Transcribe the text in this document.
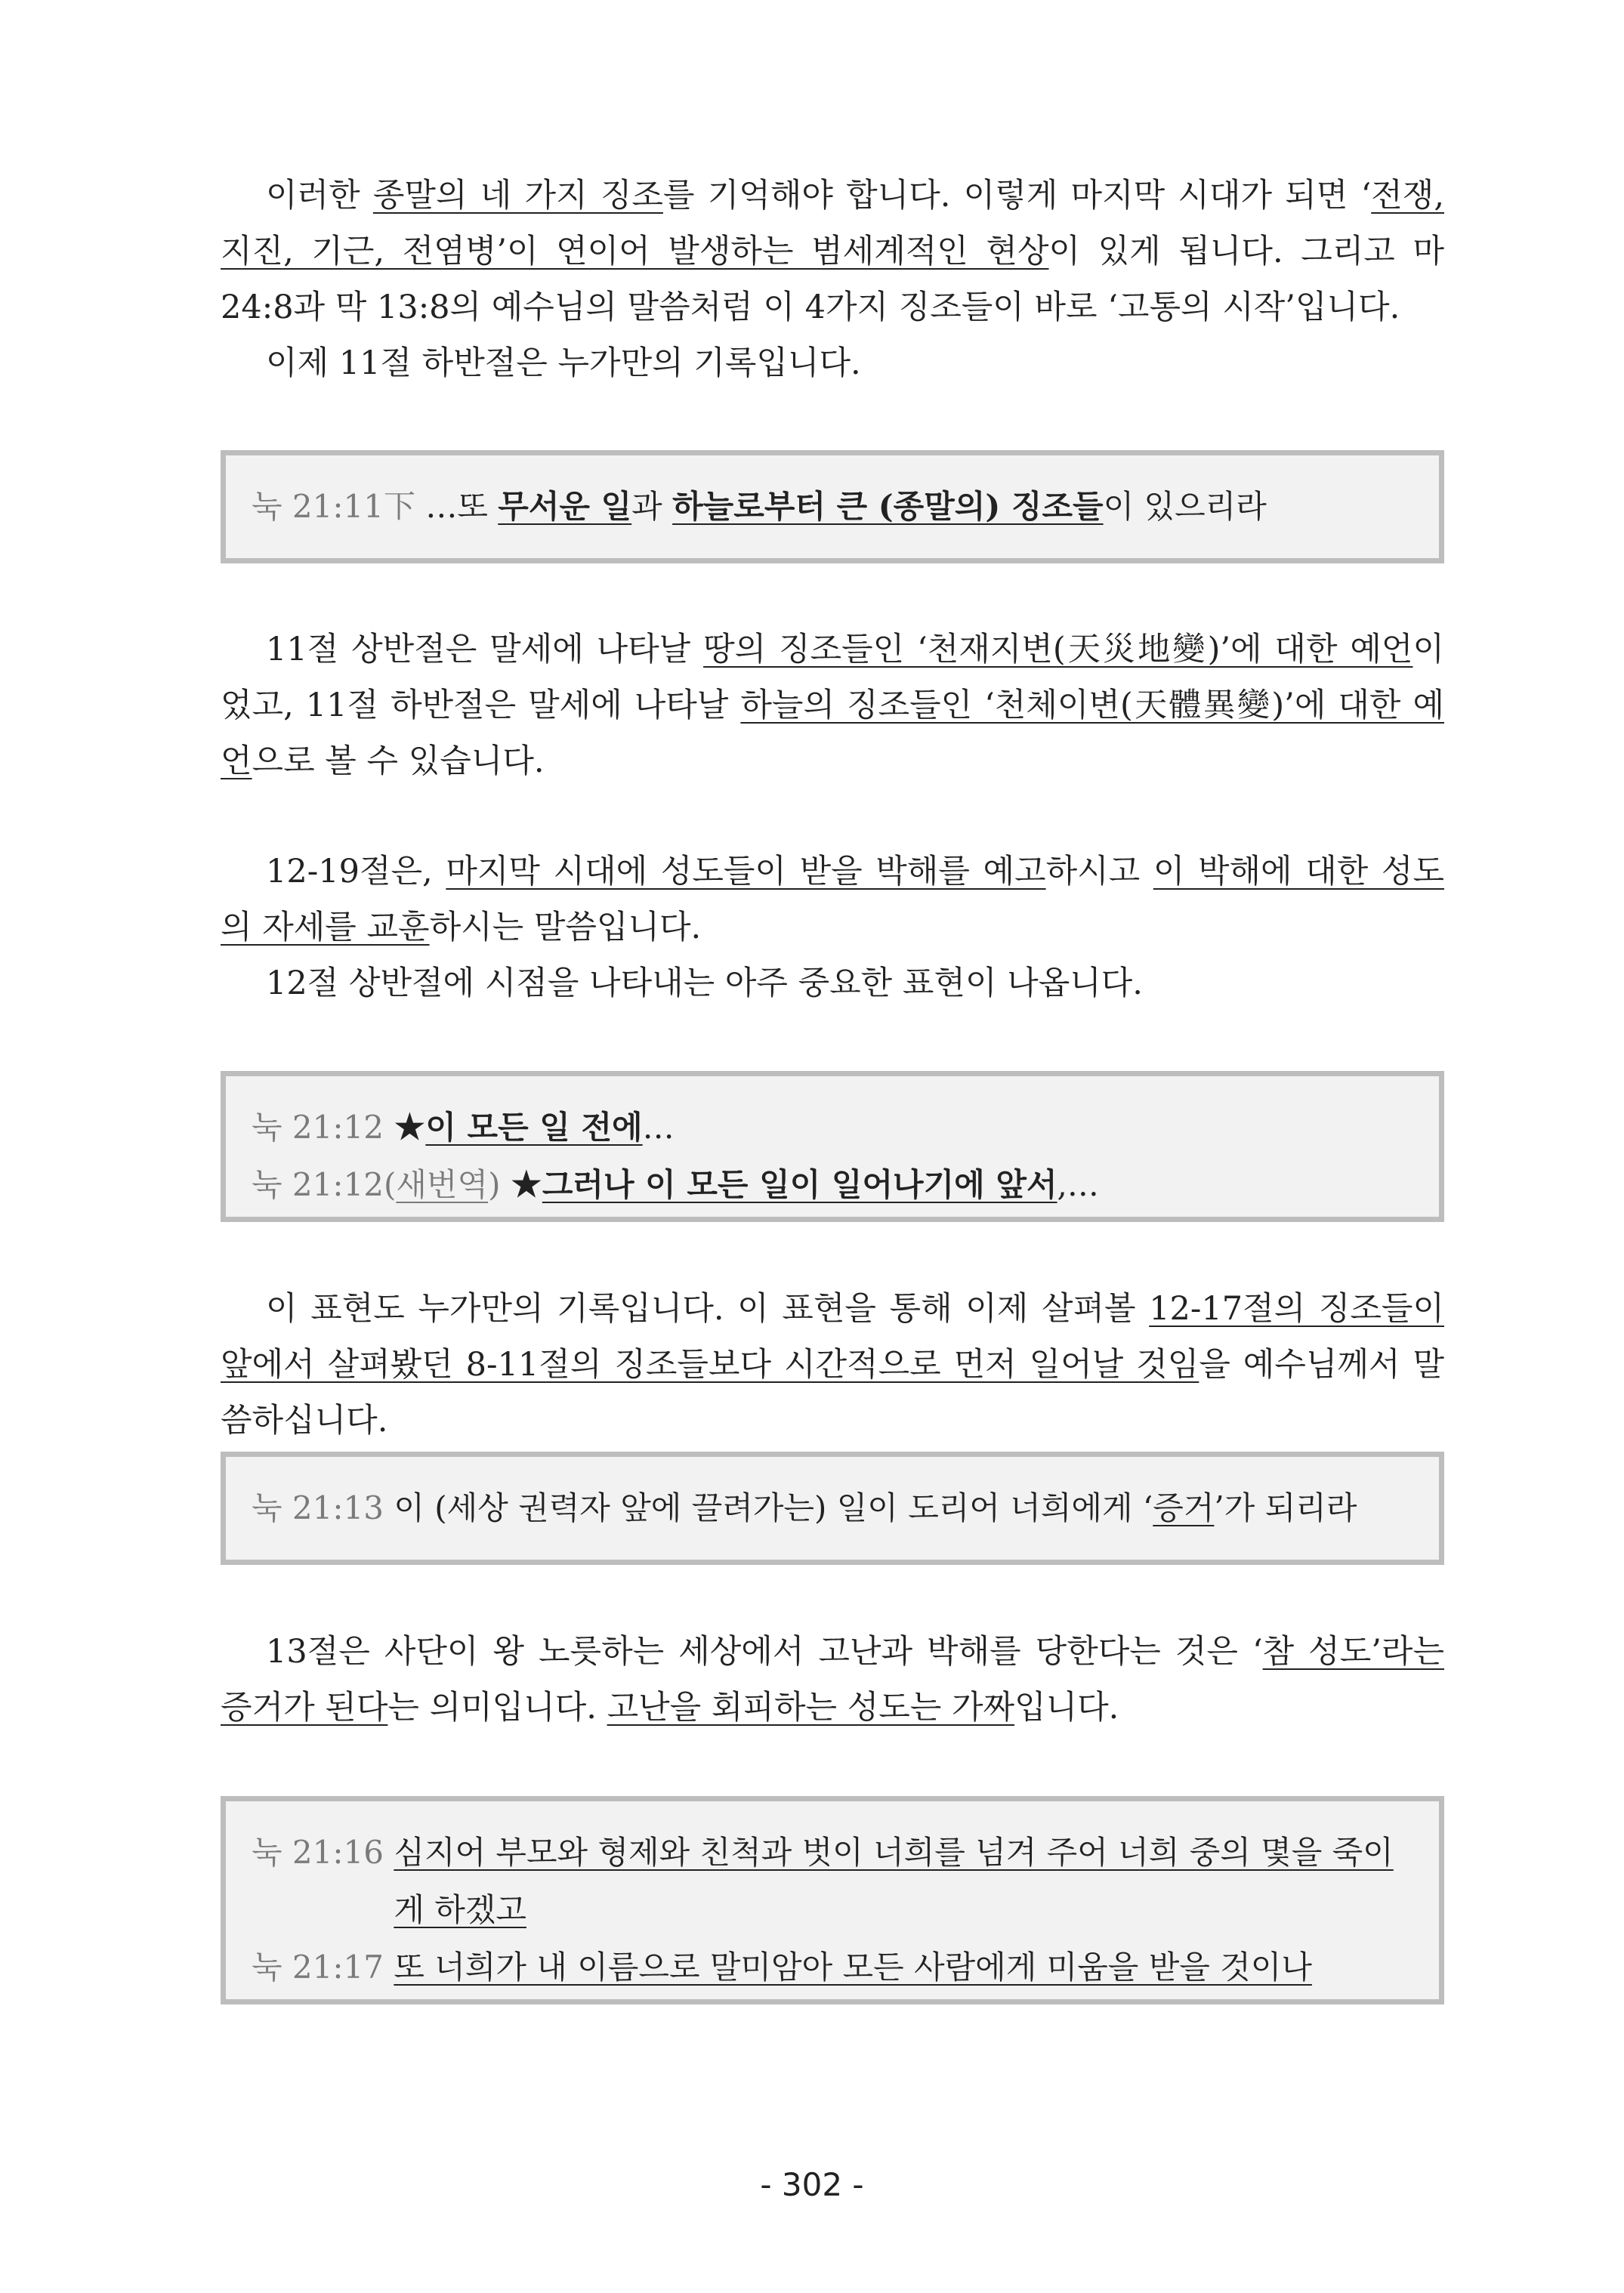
이러한 종말의 네 가지 징조를 기억해야 합니다. 이렇게 마지막 시대가 되면 ‘전쟁, 지진, 기근, 전염병’이 연이어 발생하는 범세계적인 현상이 있게 됩니다. 그리고 마 24:8과 막 13:8의 예수님의 말씀처럼 이 4가지 징조들이 바로 ‘고통의 시작’입니다.

이제 11절 하반절은 누가만의 기록입니다.

눅 21:11下 …또 무서운 일과 하늘로부터 큰 (종말의) 징조들이 있으리라

11절 상반절은 말세에 나타날 땅의 징조들인 ‘천재지변(天災地變)’에 대한 예언이었고, 11절 하반절은 말세에 나타날 하늘의 징조들인 ‘천체이변(天體異變)’에 대한 예언으로 볼 수 있습니다.

12-19절은, 마지막 시대에 성도들이 받을 박해를 예고하시고 이 박해에 대한 성도의 자세를 교훈하시는 말씀입니다.

12절 상반절에 시점을 나타내는 아주 중요한 표현이 나옵니다.

눅 21:12 ★이 모든 일 전에…
눅 21:12(새번역) ★그러나 이 모든 일이 일어나기에 앞서,…

이 표현도 누가만의 기록입니다. 이 표현을 통해 이제 살펴볼 12-17절의 징조들이 앞에서 살펴봤던 8-11절의 징조들보다 시간적으로 먼저 일어날 것임을 예수님께서 말씀하십니다.

눅 21:13 이 (세상 권력자 앞에 끌려가는) 일이 도리어 너희에게 ‘증거’가 되리라

13절은 사단이 왕 노릇하는 세상에서 고난과 박해를 당한다는 것은 ‘참 성도’라는 증거가 된다는 의미입니다. 고난을 회피하는 성도는 가짜입니다.

눅 21:16 심지어 부모와 형제와 친척과 벗이 너희를 넘겨 주어 너희 중의 몇을 죽이게 하겠고
눅 21:17 또 너희가 내 이름으로 말미암아 모든 사람에게 미움을 받을 것이나
- 302 -
